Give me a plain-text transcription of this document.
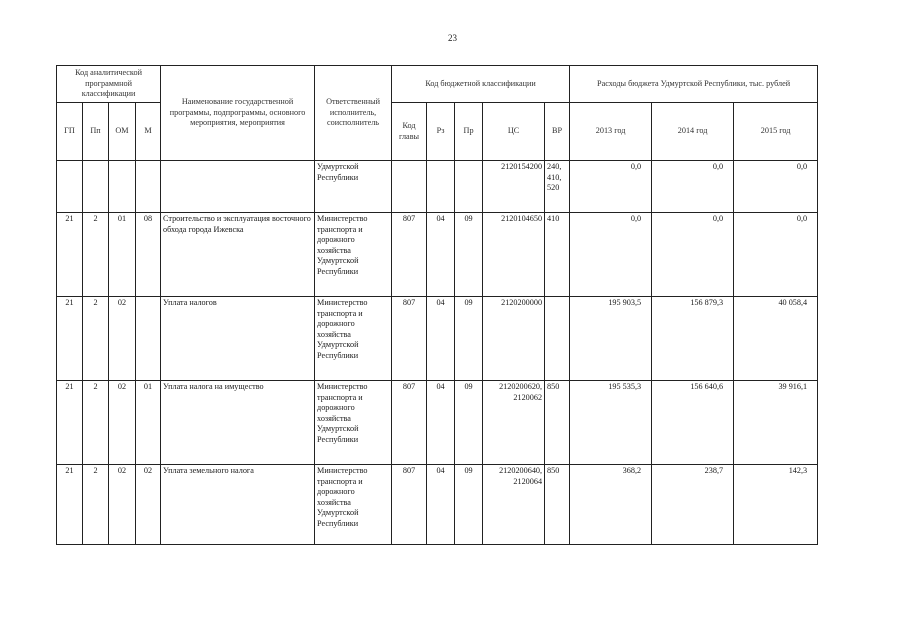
23
Код аналитической программной классификации				Наименование государственной программы, подпрограммы, основного мероприятия, мероприятия	Ответственный исполнитель, соисполнитель	Код бюджетной классификации					Расходы бюджета Удмуртской Республики, тыс. рублей		
ГП	Пп	ОМ	М			Код главы	Рз	Пр	ЦС	ВР	2013 год	2014 год	2015 год
					Удмуртской Республики				2120154200	240, 410, 520	0,0	0,0	0,0
21	2	01	08	Строительство и эксплуатация восточного обхода города Ижевска	Министерство транспорта и дорожного хозяйства Удмуртской Республики	807	04	09	2120104650	410	0,0	0,0	0,0
21	2	02		Уплата налогов	Министерство транспорта и дорожного хозяйства Удмуртской Республики	807	04	09	2120200000		195 903,5	156 879,3	40 058,4
21	2	02	01	Уплата налога на имущество	Министерство транспорта и дорожного хозяйства Удмуртской Республики	807	04	09	2120200620, 2120062	850	195 535,3	156 640,6	39 916,1
21	2	02	02	Уплата земельного налога	Министерство транспорта и дорожного хозяйства Удмуртской Республики	807	04	09	2120200640, 2120064	850	368,2	238,7	142,3
